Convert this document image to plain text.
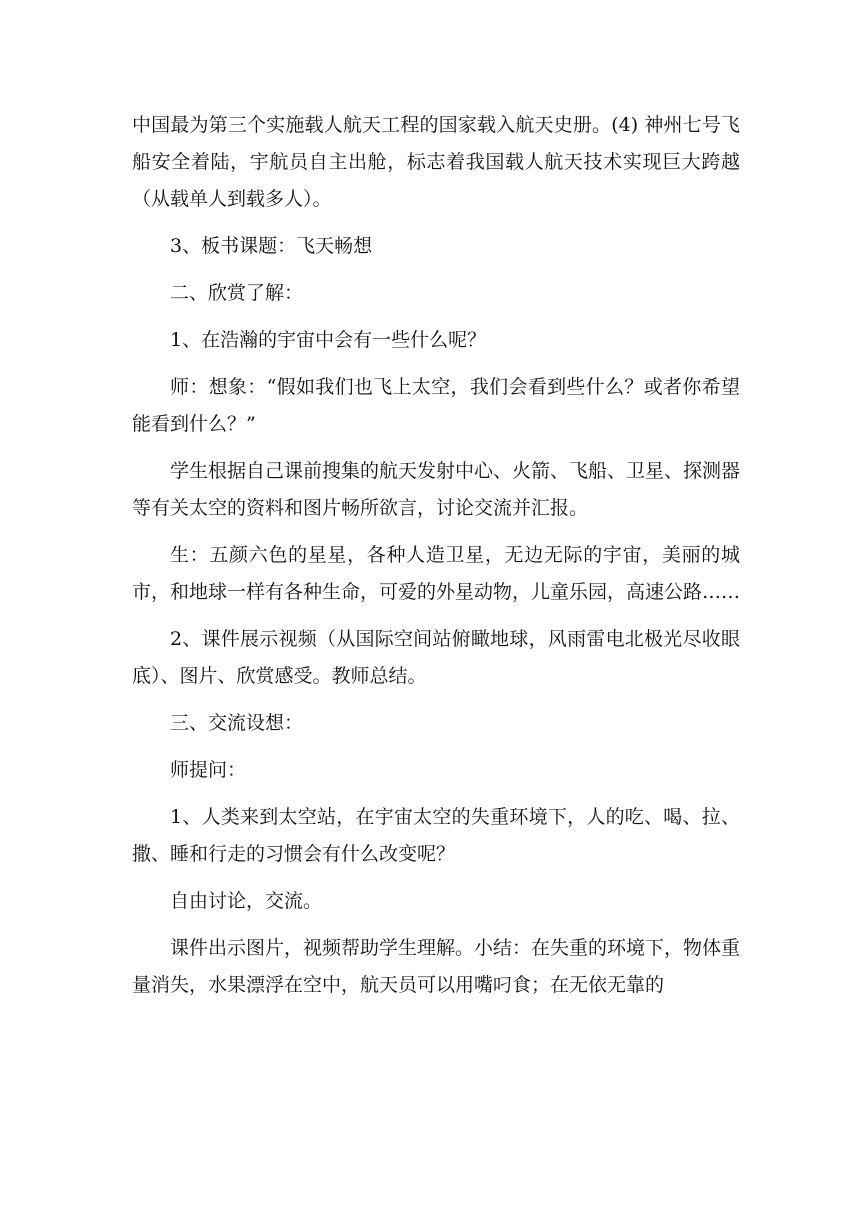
中国最为第三个实施载人航天工程的国家载入航天史册。(4) 神州七号飞船安全着陆，宇航员自主出舱，标志着我国载人航天技术实现巨大跨越（从载单人到载多人）。

3、板书课题：飞天畅想

二、欣赏了解：

1、在浩瀚的宇宙中会有一些什么呢？

师：想象：“假如我们也飞上太空，我们会看到些什么？或者你希望能看到什么？”

学生根据自己课前搜集的航天发射中心、火箭、飞船、卫星、探测器等有关太空的资料和图片畅所欲言，讨论交流并汇报。

生：五颜六色的星星，各种人造卫星，无边无际的宇宙，美丽的城市，和地球一样有各种生命，可爱的外星动物，儿童乐园，高速公路……

2、课件展示视频（从国际空间站俯瞰地球，风雨雷电北极光尽收眼底）、图片、欣赏感受。教师总结。

三、交流设想：

师提问：

1、人类来到太空站，在宇宙太空的失重环境下，人的吃、喝、拉、撒、睡和行走的习惯会有什么改变呢？

自由讨论，交流。

课件出示图片，视频帮助学生理解。小结：在失重的环境下，物体重量消失，水果漂浮在空中，航天员可以用嘴叼食；在无依无靠的
